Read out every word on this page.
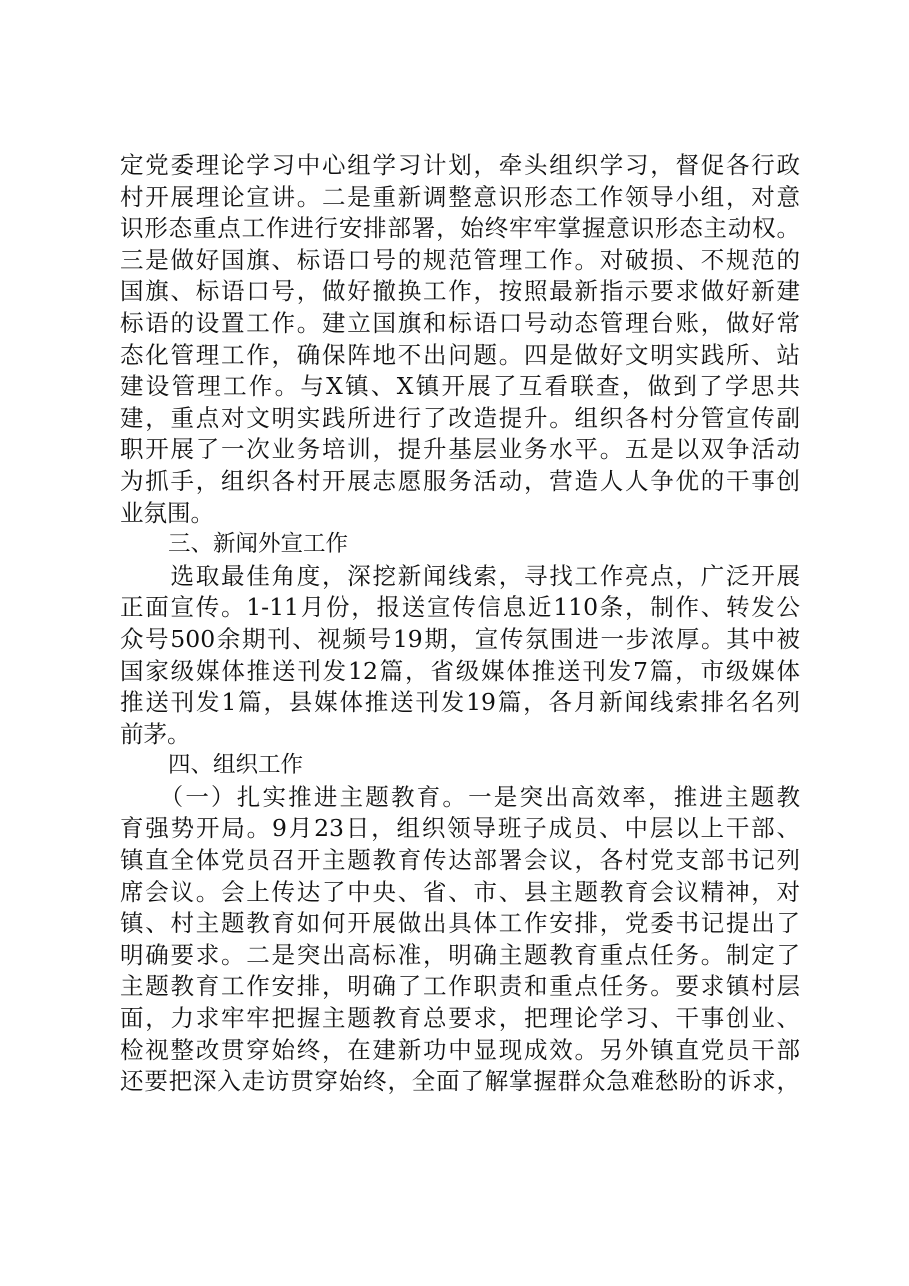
定党委理论学习中心组学习计划，牵头组织学习，督促各行政
村开展理论宣讲。二是重新调整意识形态工作领导小组，对意
识形态重点工作进行安排部署，始终牢牢掌握意识形态主动权。
三是做好国旗、标语口号的规范管理工作。对破损、不规范的
国旗、标语口号，做好撤换工作，按照最新指示要求做好新建
标语的设置工作。建立国旗和标语口号动态管理台账，做好常
态化管理工作，确保阵地不出问题。四是做好文明实践所、站
建设管理工作。与X镇、X镇开展了互看联查，做到了学思共
建，重点对文明实践所进行了改造提升。组织各村分管宣传副
职开展了一次业务培训，提升基层业务水平。五是以双争活动
为抓手，组织各村开展志愿服务活动，营造人人争优的干事创
业氛围。
三、新闻外宣工作
　　选取最佳角度，深挖新闻线索，寻找工作亮点，广泛开展
正面宣传。1-11月份，报送宣传信息近110条，制作、转发公
众号500余期刊、视频号19期，宣传氛围进一步浓厚。其中被
国家级媒体推送刊发12篇，省级媒体推送刊发7篇，市级媒体
推送刊发1篇，县媒体推送刊发19篇，各月新闻线索排名名列
前茅。
四、组织工作
　　（一）扎实推进主题教育。一是突出高效率，推进主题教
育强势开局。9月23日，组织领导班子成员、中层以上干部、
镇直全体党员召开主题教育传达部署会议，各村党支部书记列
席会议。会上传达了中央、省、市、县主题教育会议精神，对
镇、村主题教育如何开展做出具体工作安排，党委书记提出了
明确要求。二是突出高标准，明确主题教育重点任务。制定了
主题教育工作安排，明确了工作职责和重点任务。要求镇村层
面，力求牢牢把握主题教育总要求，把理论学习、干事创业、
检视整改贯穿始终，在建新功中显现成效。另外镇直党员干部
还要把深入走访贯穿始终，全面了解掌握群众急难愁盼的诉求，
